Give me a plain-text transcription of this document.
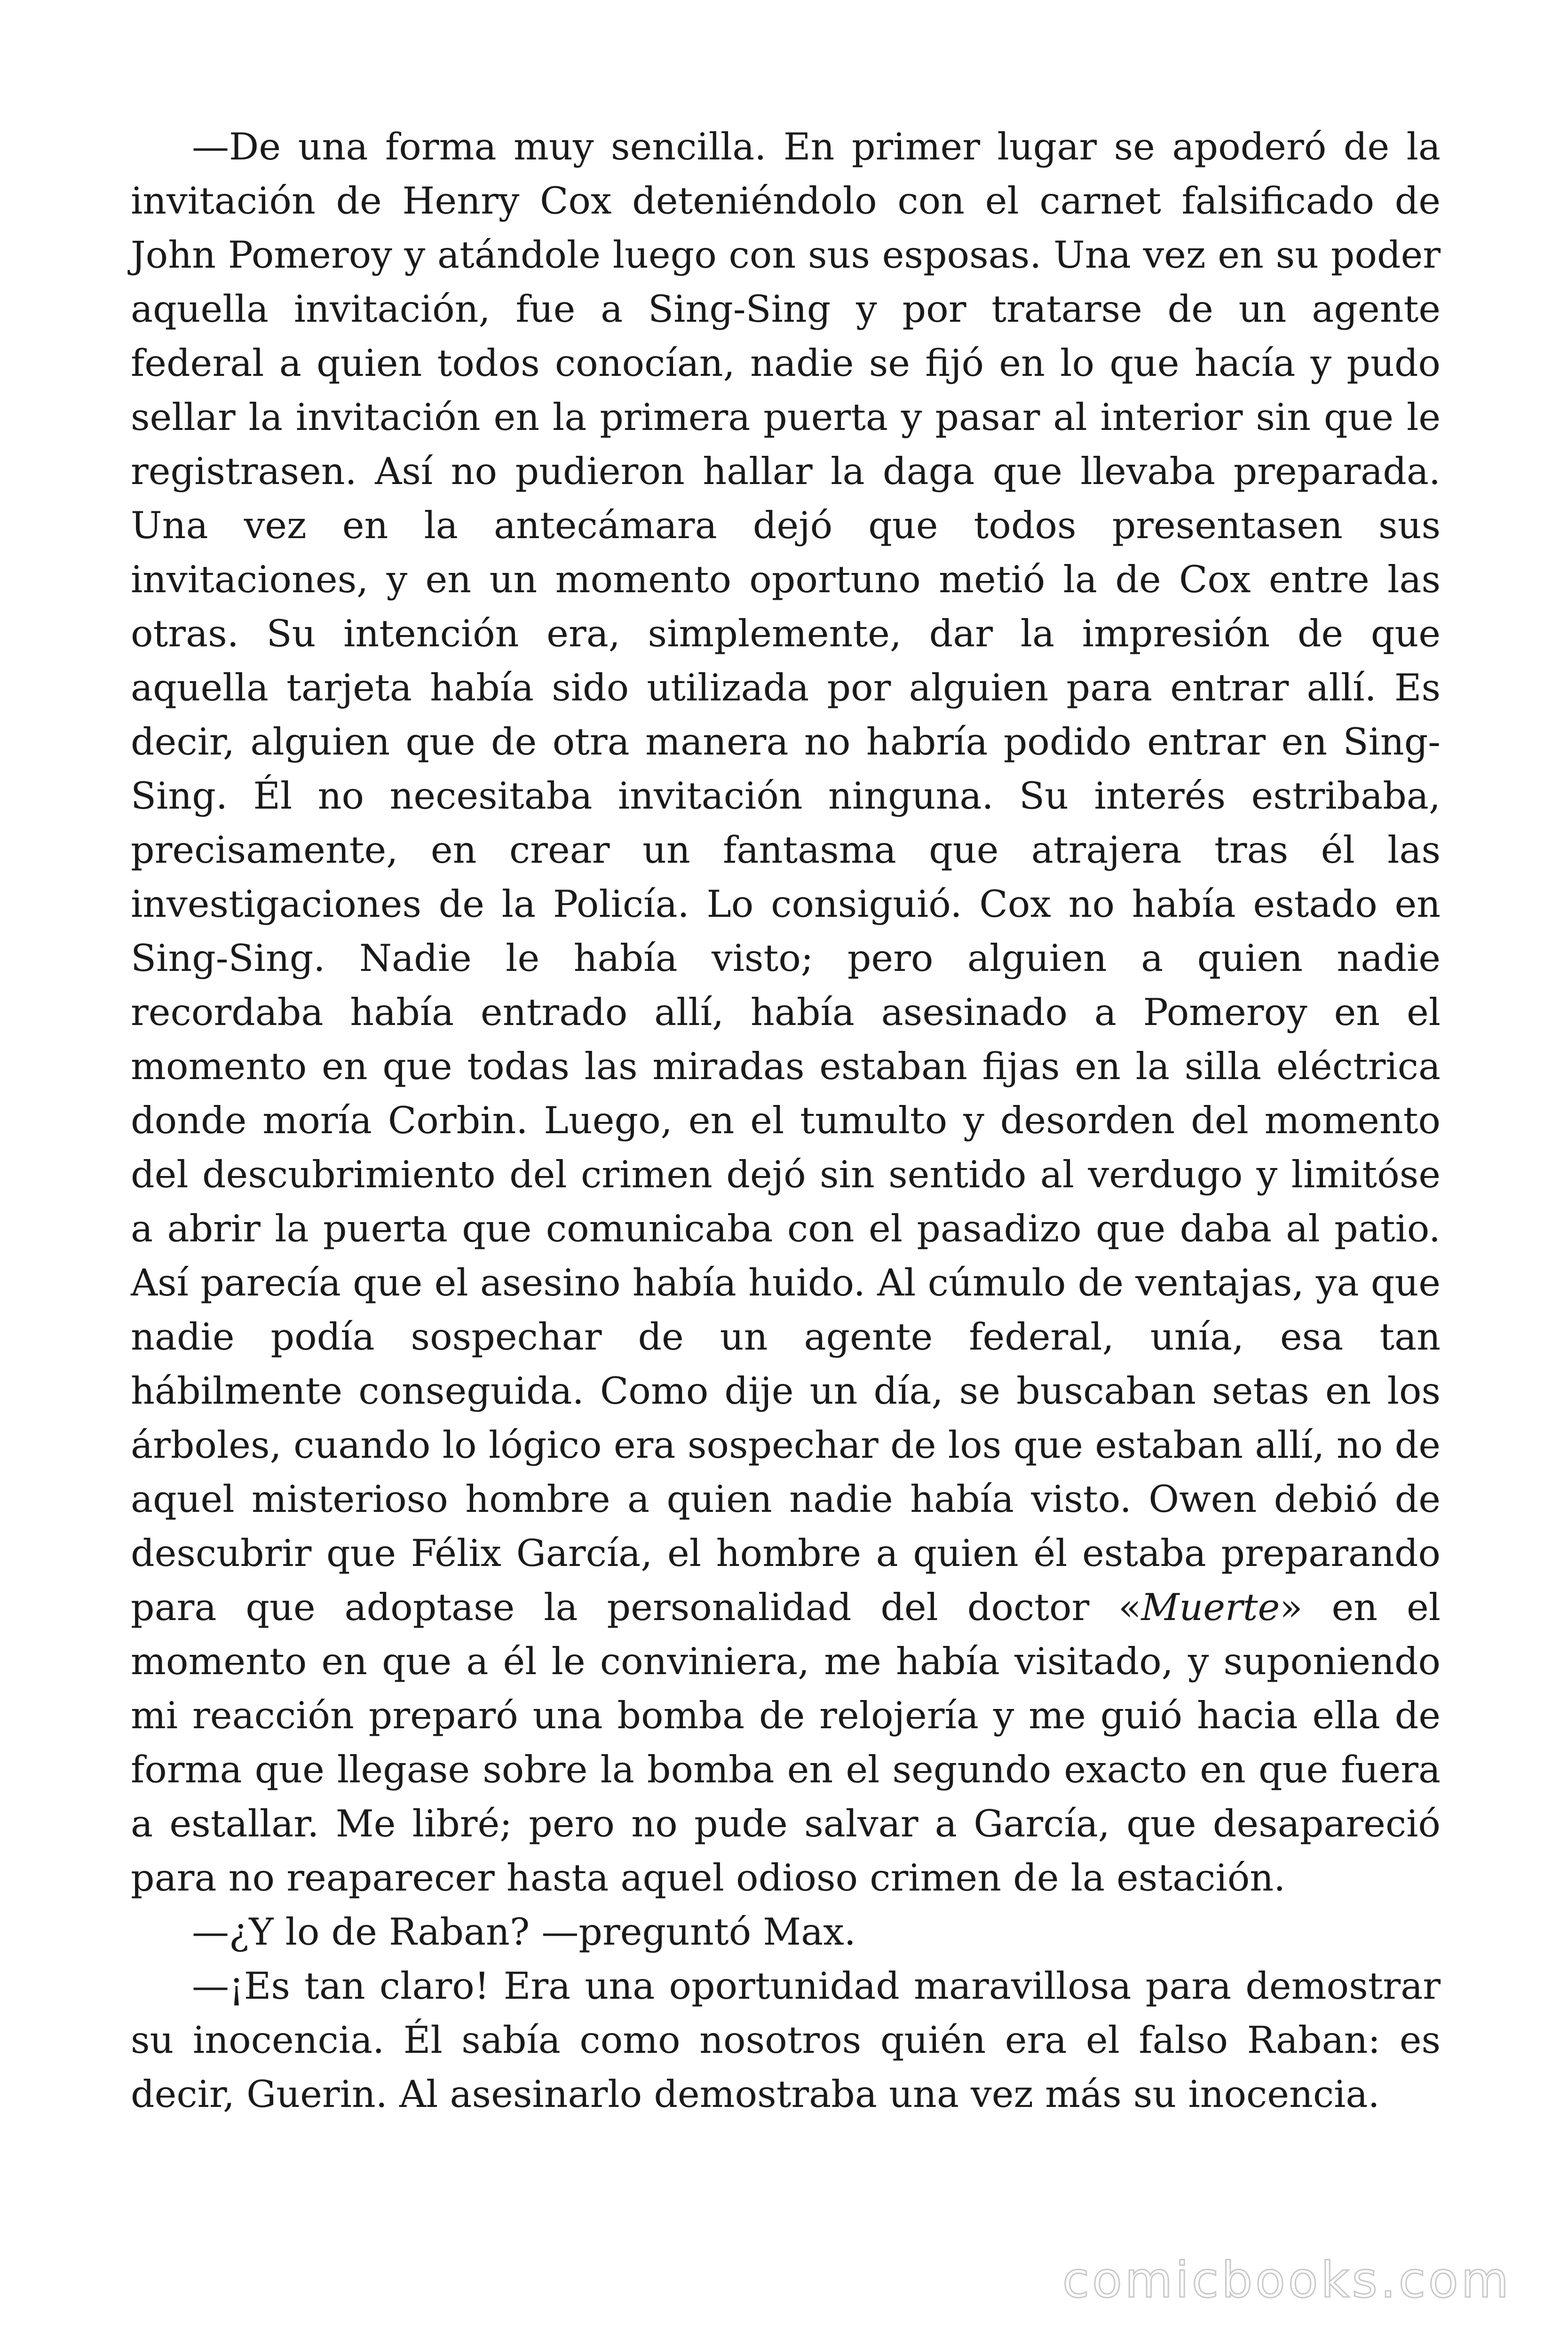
—De una forma muy sencilla. En primer lugar se apoderó de la invitación de Henry Cox deteniéndolo con el carnet falsificado de John Pomeroy y atándole luego con sus esposas. Una vez en su poder aquella invitación, fue a Sing-Sing y por tratarse de un agente federal a quien todos conocían, nadie se fijó en lo que hacía y pudo sellar la invitación en la primera puerta y pasar al interior sin que le registrasen. Así no pudieron hallar la daga que llevaba preparada. Una vez en la antecámara dejó que todos presentasen sus invitaciones, y en un momento oportuno metió la de Cox entre las otras. Su intención era, simplemente, dar la impresión de que aquella tarjeta había sido utilizada por alguien para entrar allí. Es decir, alguien que de otra manera no habría podido entrar en Sing-Sing. Él no necesitaba invitación ninguna. Su interés estribaba, precisamente, en crear un fantasma que atrajera tras él las investigaciones de la Policía. Lo consiguió. Cox no había estado en Sing-Sing. Nadie le había visto; pero alguien a quien nadie recordaba había entrado allí, había asesinado a Pomeroy en el momento en que todas las miradas estaban fijas en la silla eléctrica donde moría Corbin. Luego, en el tumulto y desorden del momento del descubrimiento del crimen dejó sin sentido al verdugo y limitóse a abrir la puerta que comunicaba con el pasadizo que daba al patio. Así parecía que el asesino había huido. Al cúmulo de ventajas, ya que nadie podía sospechar de un agente federal, unía, esa tan hábilmente conseguida. Como dije un día, se buscaban setas en los árboles, cuando lo lógico era sospechar de los que estaban allí, no de aquel misterioso hombre a quien nadie había visto. Owen debió de descubrir que Félix García, el hombre a quien él estaba preparando para que adoptase la personalidad del doctor «Muerte» en el momento en que a él le conviniera, me había visitado, y suponiendo mi reacción preparó una bomba de relojería y me guió hacia ella de forma que llegase sobre la bomba en el segundo exacto en que fuera a estallar. Me libré; pero no pude salvar a García, que desapareció para no reaparecer hasta aquel odioso crimen de la estación.

—¿Y lo de Raban? —preguntó Max.

—¡Es tan claro! Era una oportunidad maravillosa para demostrar su inocencia. Él sabía como nosotros quién era el falso Raban: es decir, Guerin. Al asesinarlo demostraba una vez más su inocencia.

comicbooks.com
